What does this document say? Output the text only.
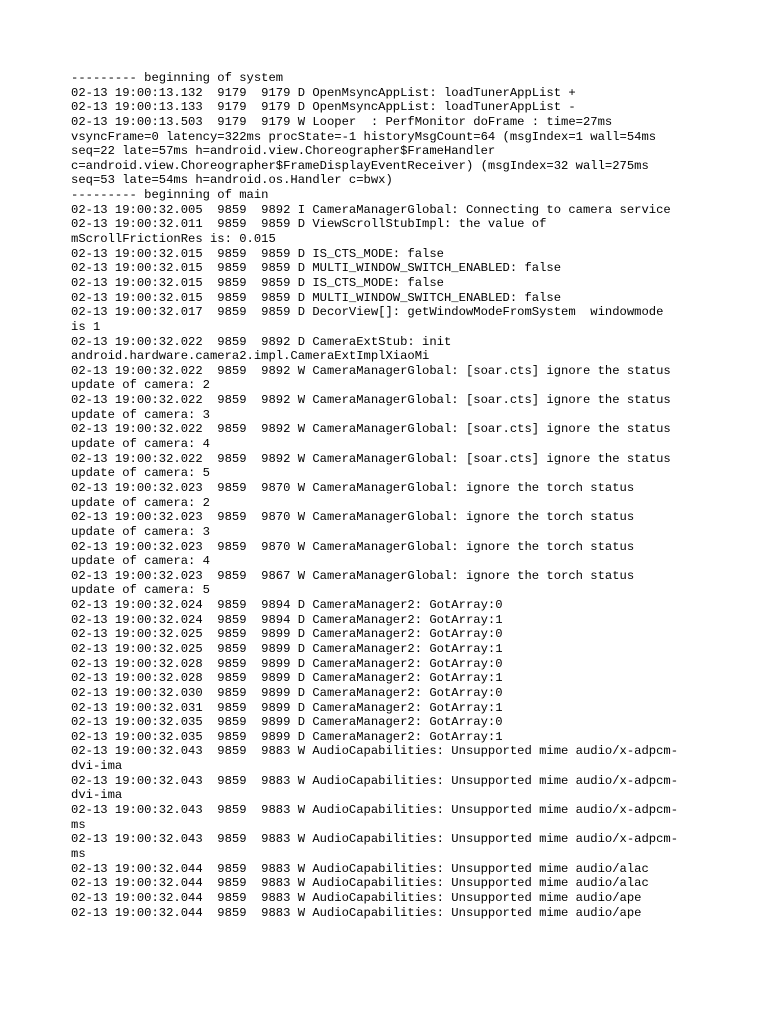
--------- beginning of system
02-13 19:00:13.132  9179  9179 D OpenMsyncAppList: loadTunerAppList +
02-13 19:00:13.133  9179  9179 D OpenMsyncAppList: loadTunerAppList -
02-13 19:00:13.503  9179  9179 W Looper  : PerfMonitor doFrame : time=27ms
vsyncFrame=0 latency=322ms procState=-1 historyMsgCount=64 (msgIndex=1 wall=54ms
seq=22 late=57ms h=android.view.Choreographer$FrameHandler
c=android.view.Choreographer$FrameDisplayEventReceiver) (msgIndex=32 wall=275ms
seq=53 late=54ms h=android.os.Handler c=bwx)
--------- beginning of main
02-13 19:00:32.005  9859  9892 I CameraManagerGlobal: Connecting to camera service
02-13 19:00:32.011  9859  9859 D ViewScrollStubImpl: the value of
mScrollFrictionRes is: 0.015
02-13 19:00:32.015  9859  9859 D IS_CTS_MODE: false
02-13 19:00:32.015  9859  9859 D MULTI_WINDOW_SWITCH_ENABLED: false
02-13 19:00:32.015  9859  9859 D IS_CTS_MODE: false
02-13 19:00:32.015  9859  9859 D MULTI_WINDOW_SWITCH_ENABLED: false
02-13 19:00:32.017  9859  9859 D DecorView[]: getWindowModeFromSystem  windowmode
is 1
02-13 19:00:32.022  9859  9892 D CameraExtStub: init
android.hardware.camera2.impl.CameraExtImplXiaoMi
02-13 19:00:32.022  9859  9892 W CameraManagerGlobal: [soar.cts] ignore the status
update of camera: 2
02-13 19:00:32.022  9859  9892 W CameraManagerGlobal: [soar.cts] ignore the status
update of camera: 3
02-13 19:00:32.022  9859  9892 W CameraManagerGlobal: [soar.cts] ignore the status
update of camera: 4
02-13 19:00:32.022  9859  9892 W CameraManagerGlobal: [soar.cts] ignore the status
update of camera: 5
02-13 19:00:32.023  9859  9870 W CameraManagerGlobal: ignore the torch status
update of camera: 2
02-13 19:00:32.023  9859  9870 W CameraManagerGlobal: ignore the torch status
update of camera: 3
02-13 19:00:32.023  9859  9870 W CameraManagerGlobal: ignore the torch status
update of camera: 4
02-13 19:00:32.023  9859  9867 W CameraManagerGlobal: ignore the torch status
update of camera: 5
02-13 19:00:32.024  9859  9894 D CameraManager2: GotArray:0
02-13 19:00:32.024  9859  9894 D CameraManager2: GotArray:1
02-13 19:00:32.025  9859  9899 D CameraManager2: GotArray:0
02-13 19:00:32.025  9859  9899 D CameraManager2: GotArray:1
02-13 19:00:32.028  9859  9899 D CameraManager2: GotArray:0
02-13 19:00:32.028  9859  9899 D CameraManager2: GotArray:1
02-13 19:00:32.030  9859  9899 D CameraManager2: GotArray:0
02-13 19:00:32.031  9859  9899 D CameraManager2: GotArray:1
02-13 19:00:32.035  9859  9899 D CameraManager2: GotArray:0
02-13 19:00:32.035  9859  9899 D CameraManager2: GotArray:1
02-13 19:00:32.043  9859  9883 W AudioCapabilities: Unsupported mime audio/x-adpcm-
dvi-ima
02-13 19:00:32.043  9859  9883 W AudioCapabilities: Unsupported mime audio/x-adpcm-
dvi-ima
02-13 19:00:32.043  9859  9883 W AudioCapabilities: Unsupported mime audio/x-adpcm-
ms
02-13 19:00:32.043  9859  9883 W AudioCapabilities: Unsupported mime audio/x-adpcm-
ms
02-13 19:00:32.044  9859  9883 W AudioCapabilities: Unsupported mime audio/alac
02-13 19:00:32.044  9859  9883 W AudioCapabilities: Unsupported mime audio/alac
02-13 19:00:32.044  9859  9883 W AudioCapabilities: Unsupported mime audio/ape
02-13 19:00:32.044  9859  9883 W AudioCapabilities: Unsupported mime audio/ape
